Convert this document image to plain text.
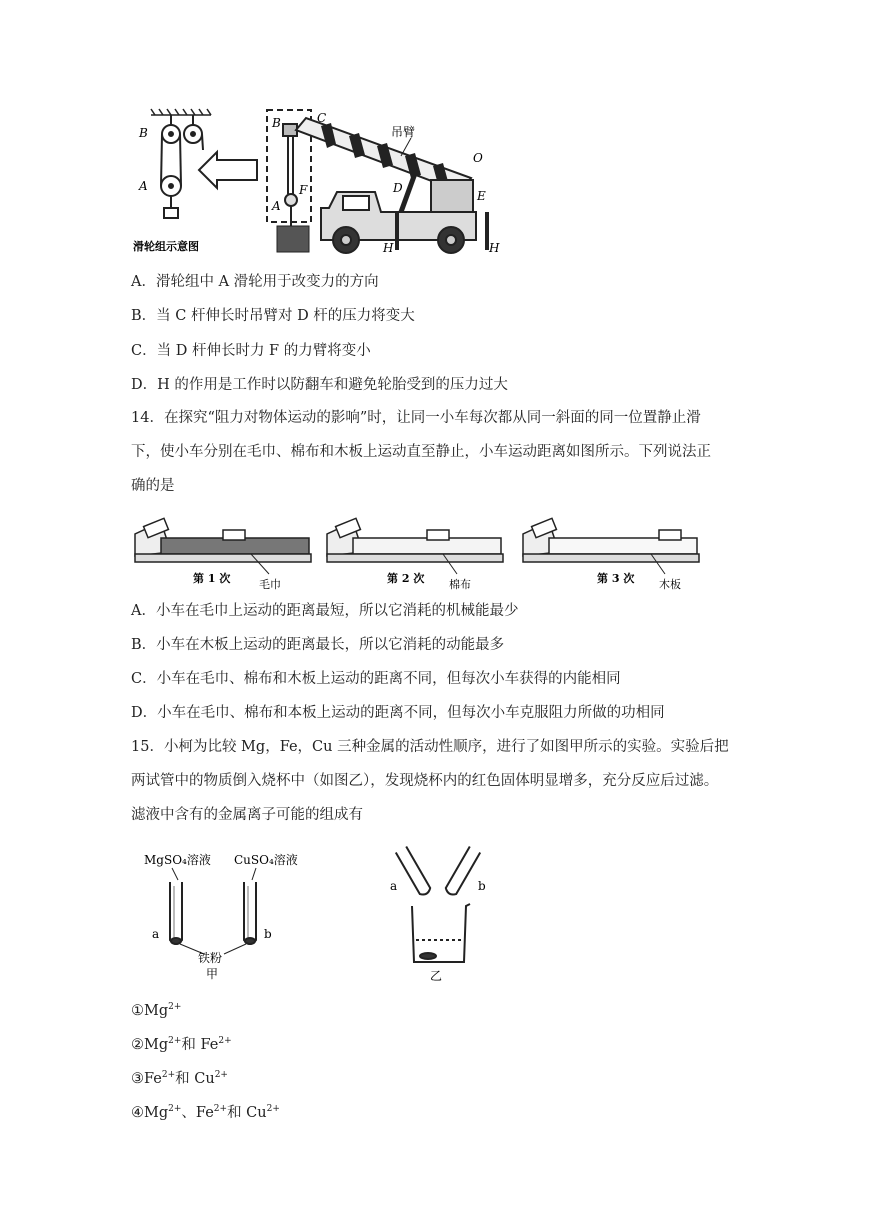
B
A
滑轮组示意图
B
A
F
C
吊臂
O
E
D
H	H
A．滑轮组中 A 滑轮用于改变力的方向
B．当 C 杆伸长时吊臂对 D 杆的压力将变大
C．当 D 杆伸长时力 F 的力臂将变小
D．H 的作用是工作时以防翻车和避免轮胎受到的压力过大
14．在探究“阻力对物体运动的影响”时，让同一小车每次都从同一斜面的同一位置静止滑
下，使小车分别在毛巾、棉布和木板上运动直至静止，小车运动距离如图所示。下列说法正
确的是
第 1 次	毛巾	第 2 次 棉布	第 3 次 木板
A．小车在毛巾上运动的距离最短，所以它消耗的机械能最少
B．小车在木板上运动的距离最长，所以它消耗的动能最多
C．小车在毛巾、棉布和木板上运动的距离不同，但每次小车获得的内能相同
D．小车在毛巾、棉布和本板上运动的距离不同，但每次小车克服阻力所做的功相同
15．小柯为比较 Mg，Fe，Cu 三种金属的活动性顺序，进行了如图甲所示的实验。实验后把
两试管中的物质倒入烧杯中（如图乙），发现烧杯内的红色固体明显增多，充分反应后过滤。
滤液中含有的金属离子可能的组成有
MgSO₄溶液 CuSO₄溶液
a	b
铁粉
甲
a	b
乙
$①Mg^{2+}$
$②Mg^{2+}$和 $Fe^{2+}$
$③Fe^{2+}$和 $Cu^{2+}$
$④Mg^{2+}$、$Fe^{2+}$和 $Cu^{2+}$
